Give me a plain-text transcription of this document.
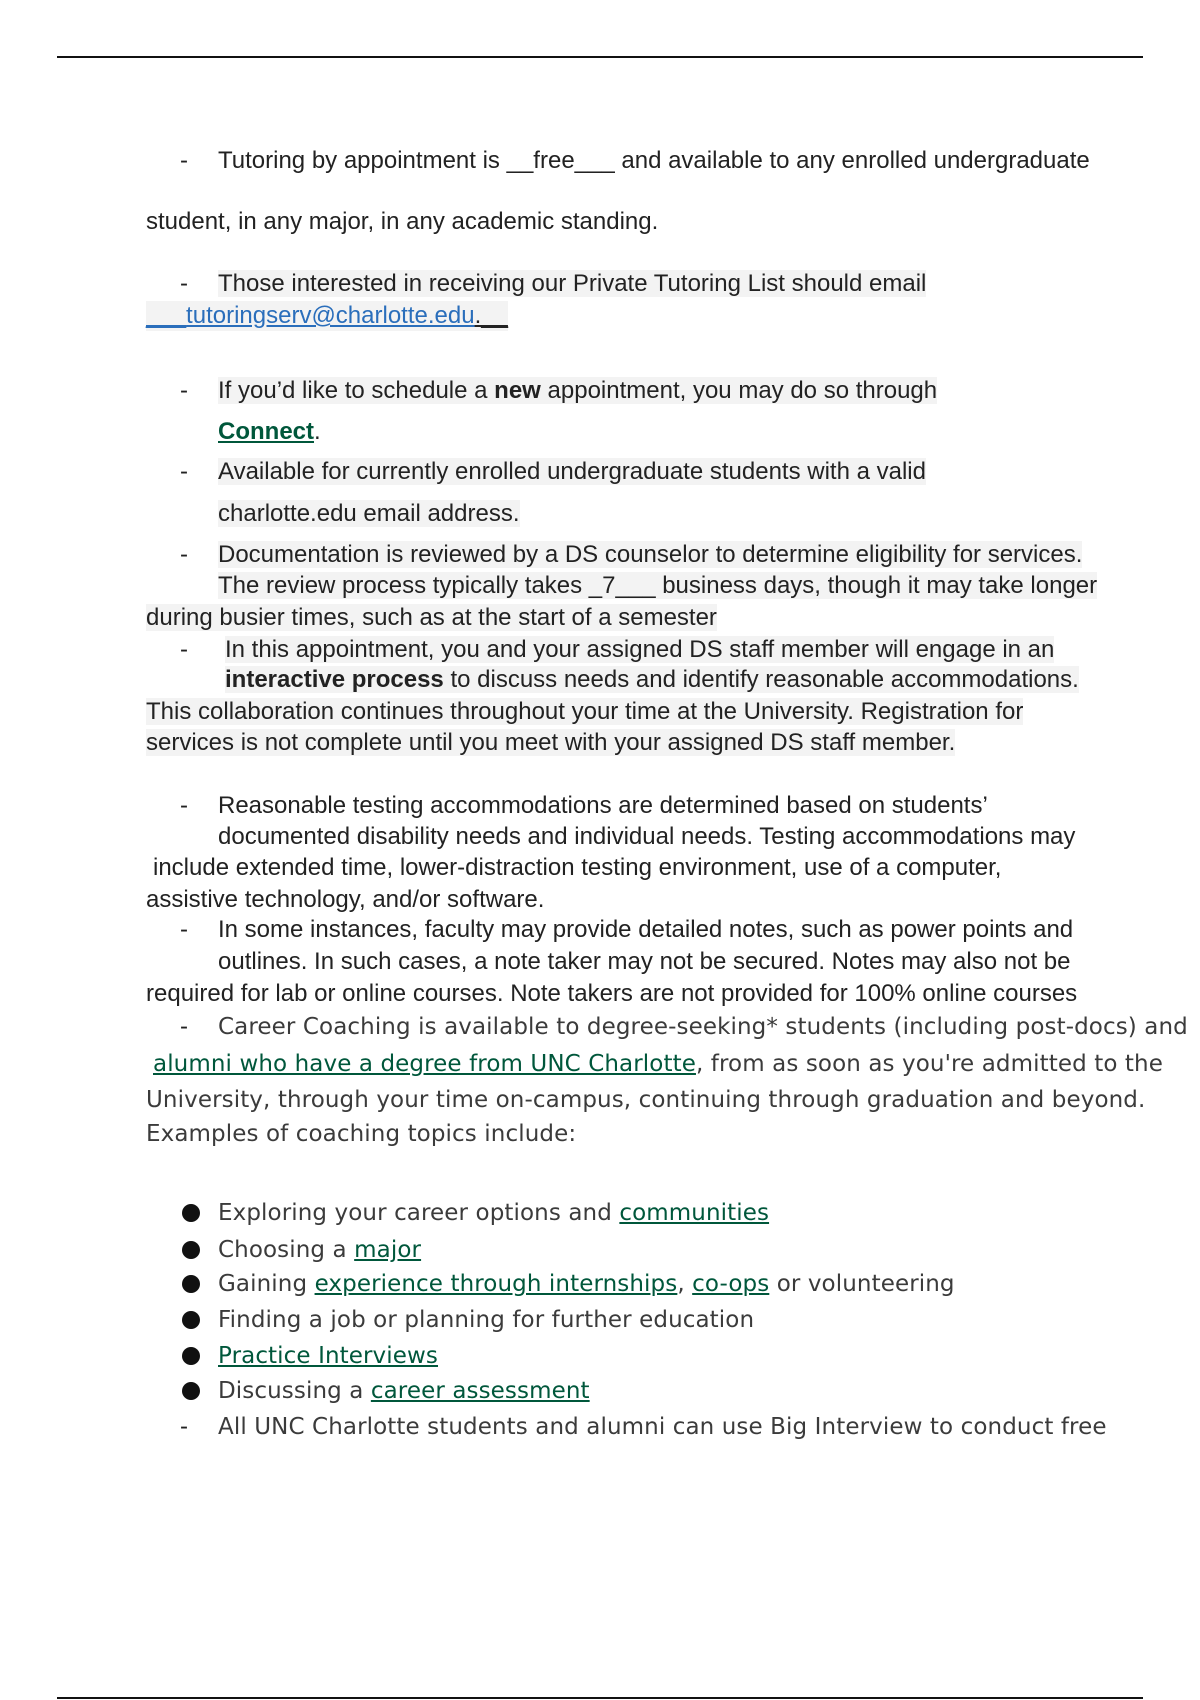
- Tutoring by appointment is __free___ and available to any enrolled undergraduate
student, in any major, in any academic standing.
- Those interested in receiving our Private Tutoring List should email
___tutoringserv@charlotte.edu.__
- If you’d like to schedule a new appointment, you may do so through
Connect.
- Available for currently enrolled undergraduate students with a valid
charlotte.edu email address.
- Documentation is reviewed by a DS counselor to determine eligibility for services.
The review process typically takes _7___ business days, though it may take longer
during busier times, such as at the start of a semester
- In this appointment, you and your assigned DS staff member will engage in an
interactive process to discuss needs and identify reasonable accommodations.
This collaboration continues throughout your time at the University. Registration for
services is not complete until you meet with your assigned DS staff member.
- Reasonable testing accommodations are determined based on students’
documented disability needs and individual needs. Testing accommodations may
include extended time, lower-distraction testing environment, use of a computer,
assistive technology, and/or software.
- In some instances, faculty may provide detailed notes, such as power points and
outlines. In such cases, a note taker may not be secured. Notes may also not be
required for lab or online courses. Note takers are not provided for 100% online courses
- Career Coaching is available to degree-seeking* students (including post-docs) and
alumni who have a degree from UNC Charlotte, from as soon as you're admitted to the
University, through your time on-campus, continuing through graduation and beyond.
Examples of coaching topics include:
Exploring your career options and communities
Choosing a major
Gaining experience through internships, co-ops or volunteering
Finding a job or planning for further education
Practice Interviews
Discussing a career assessment
- All UNC Charlotte students and alumni can use Big Interview to conduct free
